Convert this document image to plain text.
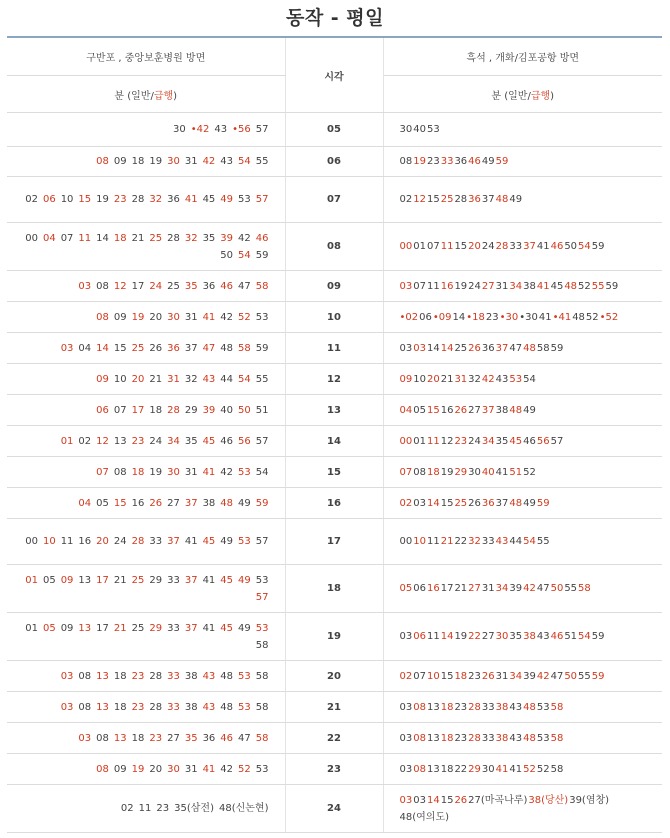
동작 - 평일
구반포 , 중앙보훈병원 방면	시각	흑석 , 개화/김포공항 방면
분 (일반/급행)		분 (일반/급행)
30 •42 43 •56 57	05	304053
08 09 18 19 30 31 42 43 54 55	06	0819233336464959
02 06 10 15 19 23 28 32 36 41 45 49 53 57	07	021215252836374849
00 04 07 11 14 18 21 25 28 32 35 39 42 4650 54 59	08	000107111520242833374146505459
03 08 12 17 24 25 35 36 46 47 58	09	03071116192427313438414548525559
08 09 19 20 30 31 41 42 52 53	10	•0206•0914•1823•30•3041•414852•52
03 04 14 15 25 26 36 37 47 48 58 59	11	030314142526363747485859
09 10 20 21 31 32 43 44 54 55	12	09102021313242435354
06 07 17 18 28 29 39 40 50 51	13	04051516262737384849
01 02 12 13 23 24 34 35 45 46 56 57	14	000111122324343545465657
07 08 18 19 30 31 41 42 53 54	15	07081819293040415152
04 05 15 16 26 27 37 38 48 49 59	16	0203141525263637484959
00 10 11 16 20 24 28 33 37 41 45 49 53 57	17	0010112122323343445455
01 05 09 13 17 21 25 29 33 37 41 45 49 5357	18	0506161721273134394247505558
01 05 09 13 17 21 25 29 33 37 41 45 49 5358	19	030611141922273035384346515459
03 08 13 18 23 28 33 38 43 48 53 58	20	020710151823263134394247505559
03 08 13 18 23 28 33 38 43 48 53 58	21	030813182328333843485358
03 08 13 18 23 27 35 36 46 47 58	22	030813182328333843485358
08 09 19 20 30 31 41 42 52 53	23	030813182229304141525258
02 11 23 35(삼전) 48(신논현)	24	030314152627(마곡나루)38(당산)39(염창)48(여의도)
